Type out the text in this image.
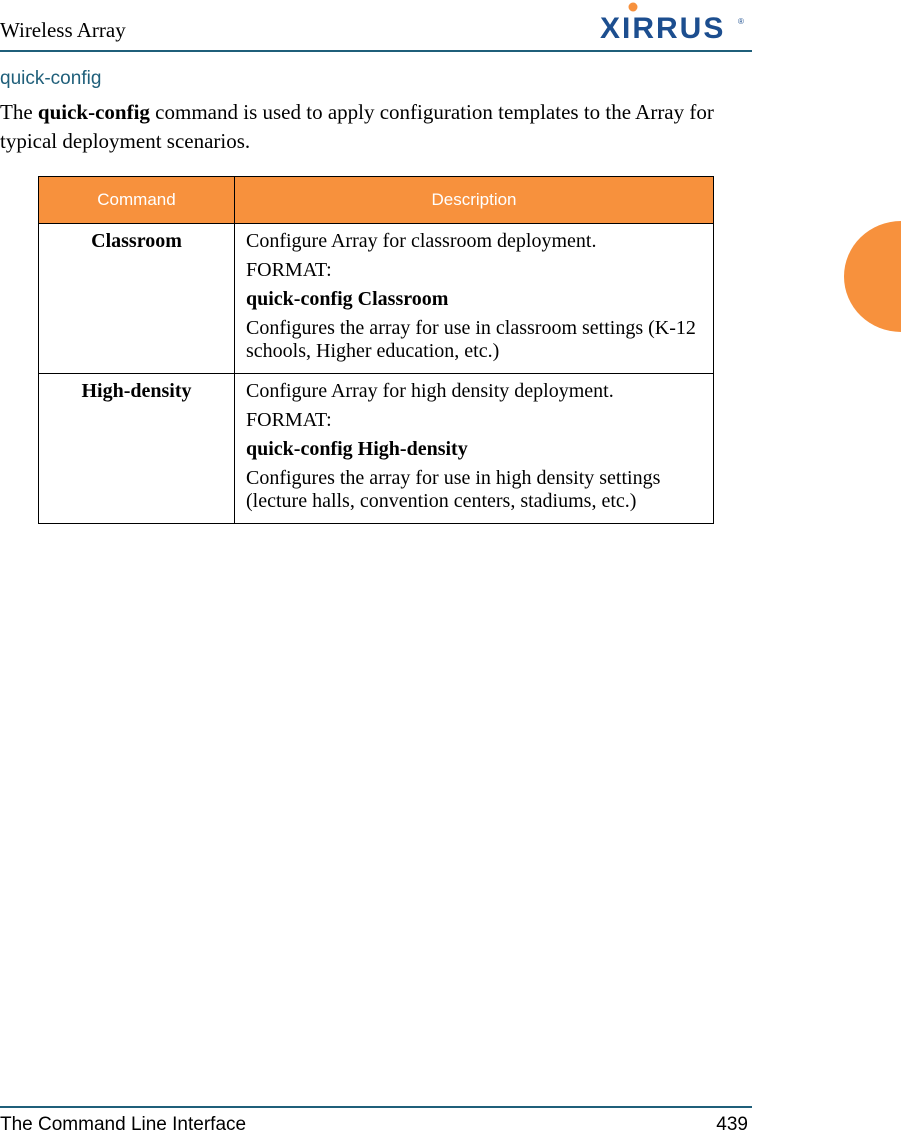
Wireless Array	XIRRUS ®
quick-config
The quick-config command is used to apply configuration templates to the Array for typical deployment scenarios.
Command	Description
Classroom	Configure Array for classroom deployment.
FORMAT:
quick-config Classroom
Configures the array for use in classroom settings (K-12 schools, Higher education, etc.)

High-density	Configure Array for high density deployment.
FORMAT:
quick-config High-density
Configures the array for use in high density settings (lecture halls, convention centers, stadiums, etc.)
The Command Line Interface	439
